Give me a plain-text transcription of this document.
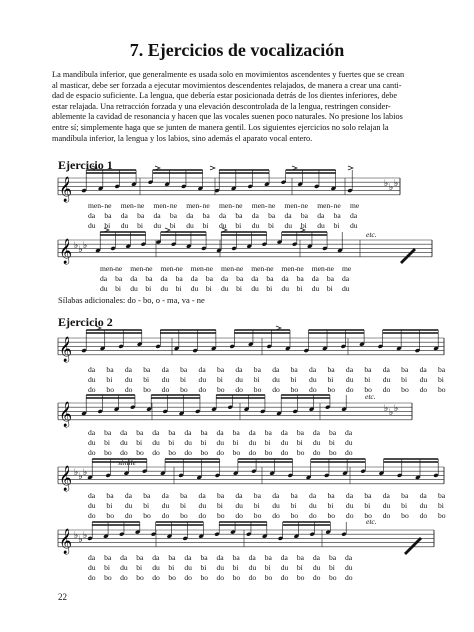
7. Ejercicios de vocalización

La mandíbula inferior, que generalmente es usada solo en movimientos ascendentes y fuertes que se crean
al masticar, debe ser forzada a ejecutar movimientos descendentes relajados, de manera a crear una canti-
dad de espacio suficiente. La lengua, que debería estar posicionada detrás de los dientes inferiores, debe
estar relajada. Una retracción forzada y una elevación descontrolada de la lengua, restringen consider-
ablemente la cavidad de resonancia y hacen que las vocales suenen poco naturales. No presione los labios
entre sí; simplemente haga que se junten de manera gentil. Los siguientes ejercicios no solo relajan la
mandíbula inferior, la lengua y los labios, sino además el aparato vocal entero.

Ejercicio 1
Ejercicio 2
𝄞	♭ ♭ ♭
𝄞 ♭ ♭ ♭
𝄞
𝄞	♭ ♭ ♭
𝄞 ♭ ♭ ♭
𝄞 ♭ ♭ ♭
men- ne men- ne men- ne men- ne men- ne men- ne men- ne men- ne me
da ba da ba da ba da ba da ba da ba da ba da ba da
du bi du bi du bi du bi du bi du bi du bi du bi du
men- ne men- ne men- ne men- ne men- ne men- ne men- ne men- ne me
da ba da ba da ba da ba da ba da ba da ba da ba da
du bi du bi du bi du bi du bi du bi du bi du bi du
da ba da ba da ba da ba da ba da ba da ba da ba da ba da ba
du bi du bi du bi du bi du bi du bi du bi du bi du bi du bi
do bo do bo do bo do bo do bo do bo do bo do bo do bo do bo
da ba da ba da ba da ba da ba da ba da ba da ba da
du bi du bi du bi du bi du bi du bi du bi du bi du
do bo do bo do bo do bo do bo do bo do bo do bo do
da ba da ba da ba da ba da ba da ba da ba da ba da ba da ba
du bi du bi du bi du bi du bi du bi du bi du bi du bi du bi
do bo do bo do bo do bo do bo do bo do bo do bo do bo do bo
da ba da ba da ba da ba da ba da ba da ba da ba da
du bi du bi du bi du bi du bi du bi du bi du bi du
do bo do bo do bo do bo do bo do bo do bo do bo do
etc.
etc.
simile
etc.
Sílabas adicionales: do - bo, o - ma, va - ne
22
